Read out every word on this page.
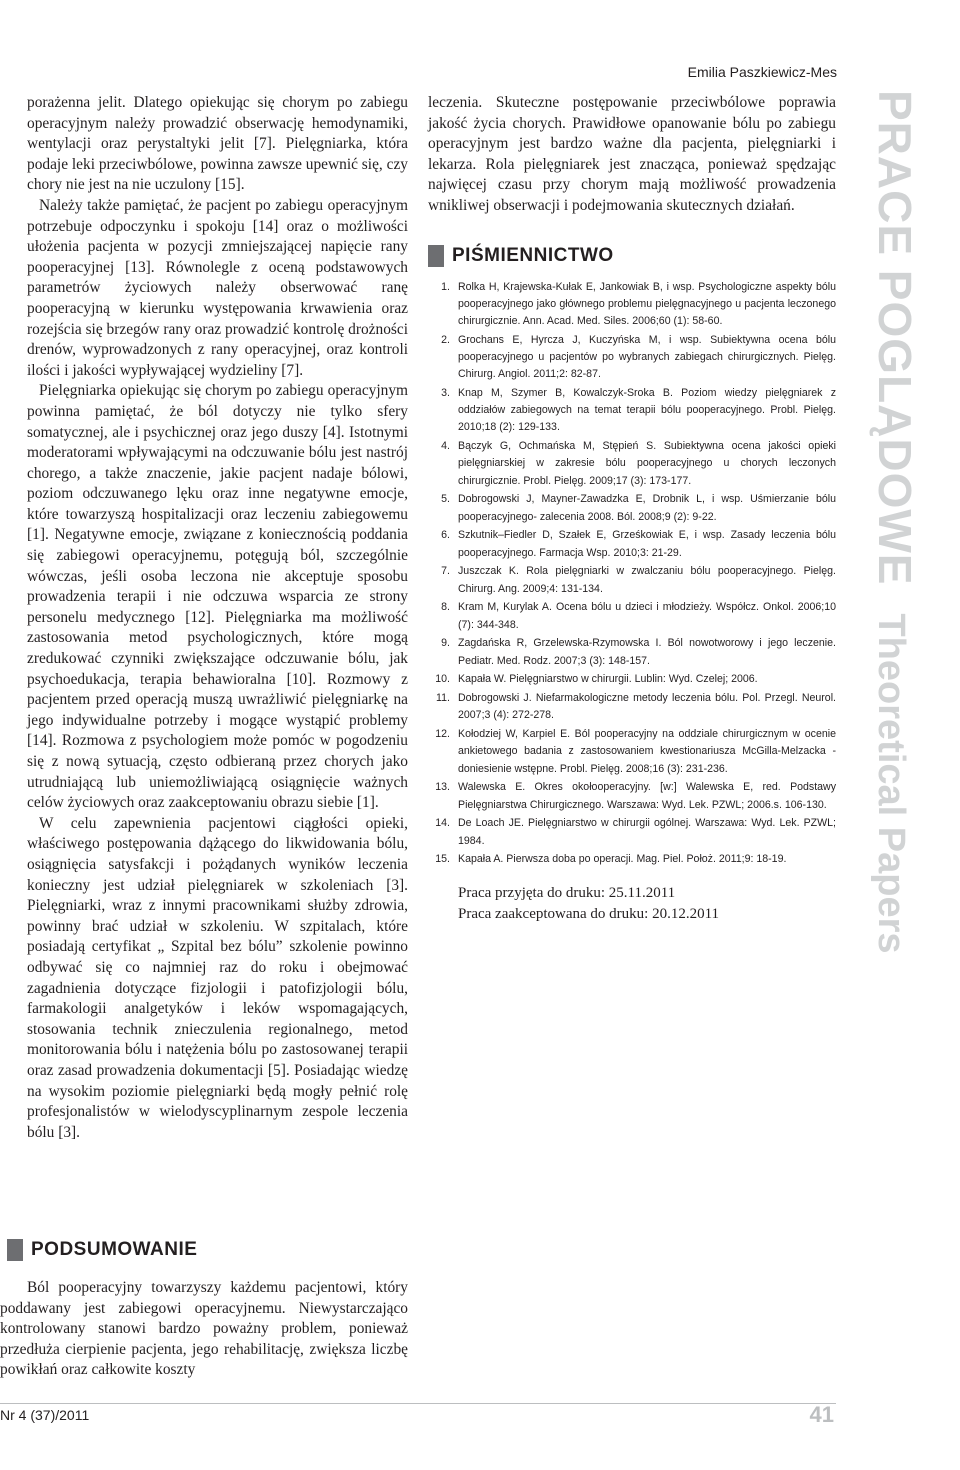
Emilia Paszkiewicz-Mes

porażenna jelit. Dlatego opiekując się chorym po zabiegu operacyjnym należy prowadzić obserwację hemodynamiki, wentylacji oraz perystaltyki jelit [7]. Pielęgniarka, która podaje leki przeciwbólowe, powinna zawsze upewnić się, czy chory nie jest na nie uczulony [15].

Należy także pamiętać, że pacjent po zabiegu operacyjnym potrzebuje odpoczynku i spokoju [14] oraz o możliwości ułożenia pacjenta w pozycji zmniejszającej napięcie rany pooperacyjnej [13]. Równolegle z oceną podstawowych parametrów życiowych należy obserwować ranę pooperacyjną w kierunku występowania krwawienia oraz rozejścia się brzegów rany oraz prowadzić kontrolę drożności drenów, wyprowadzonych z rany operacyjnej, oraz kontroli ilości i jakości wypływającej wydzieliny [7].

Pielęgniarka opiekując się chorym po zabiegu operacyjnym powinna pamiętać, że ból dotyczy nie tylko sfery somatycznej, ale i psychicznej oraz jego duszy [4]. Istotnymi moderatorami wpływającymi na odczuwanie bólu jest nastrój chorego, a także znaczenie, jakie pacjent nadaje bólowi, poziom odczuwanego lęku oraz inne negatywne emocje, które towarzyszą hospitalizacji oraz leczeniu zabiegowemu [1]. Negatywne emocje, związane z koniecznością poddania się zabiegowi operacyjnemu, potęgują ból, szczególnie wówczas, jeśli osoba leczona nie akceptuje sposobu prowadzenia terapii i nie odczuwa wsparcia ze strony personelu medycznego [12]. Pielęgniarka ma możliwość zastosowania metod psychologicznych, które mogą zredukować czynniki zwiększające odczuwanie bólu, jak psychoedukacja, terapia behawioralna [10]. Rozmowy z pacjentem przed operacją muszą uwrażliwić pielęgniarkę na jego indywidualne potrzeby i mogące wystąpić problemy [14]. Rozmowa z psychologiem może pomóc w pogodzeniu się z nową sytuacją, często odbieraną przez chorych jako utrudniającą lub uniemożliwiającą osiągnięcie ważnych celów życiowych oraz zaakceptowaniu obrazu siebie [1].

W celu zapewnienia pacjentowi ciągłości opieki, właściwego postępowania dążącego do likwidowania bólu, osiągnięcia satysfakcji i pożądanych wyników leczenia konieczny jest udział pielęgniarek w szkoleniach [3]. Pielęgniarki, wraz z innymi pracownikami służby zdrowia, powinny brać udział w szkoleniu. W szpitalach, które posiadają certyfikat „ Szpital bez bólu” szkolenie powinno odbywać się co najmniej raz do roku i obejmować zagadnienia dotyczące fizjologii i patofizjologii bólu, farmakologii analgetyków i leków wspomagających, stosowania technik znieczulenia regionalnego, metod monitorowania bólu i natężenia bólu po zastosowanej terapii oraz zasad prowadzenia dokumentacji [5]. Posiadając wiedzę na wysokim poziomie pielęgniarki będą mogły pełnić rolę profesjonalistów w wielodyscyplinarnym zespole leczenia bólu [3].

PODSUMOWANIE

Ból pooperacyjny towarzyszy każdemu pacjentowi, który poddawany jest zabiegowi operacyjnemu. Niewystarczająco kontrolowany stanowi bardzo poważny problem, ponieważ przedłuża cierpienie pacjenta, jego rehabilitację, zwiększa liczbę powikłań oraz całkowite koszty

leczenia. Skuteczne postępowanie przeciwbólowe poprawia jakość życia chorych. Prawidłowe opanowanie bólu po zabiegu operacyjnym jest bardzo ważne dla pacjenta, pielęgniarki i lekarza. Rola pielęgniarek jest znacząca, ponieważ spędzając najwięcej czasu przy chorym mają możliwość prowadzenia wnikliwej obserwacji i podejmowania skutecznych działań.

PIŚMIENNICTWO
1. Rolka H, Krajewska-Kułak E, Jankowiak B, i wsp. Psychologiczne aspekty bólu pooperacyjnego jako głównego problemu pielęgnacyjnego u pacjenta leczonego chirurgicznie. Ann. Acad. Med. Siles. 2006;60 (1): 58-60.
2. Grochans E, Hyrcza J, Kuczyńska M, i wsp. Subiektywna ocena bólu pooperacyjnego u pacjentów po wybranych zabiegach chirurgicznych. Pielęg. Chirurg. Angiol. 2011;2: 82-87.
3. Knap M, Szymer B, Kowalczyk-Sroka B. Poziom wiedzy pielęgniarek z oddziałów zabiegowych na temat terapii bólu pooperacyjnego. Probl. Pielęg. 2010;18 (2): 129-133.
4. Bączyk G, Ochmańska M, Stępień S. Subiektywna ocena jakości opieki pielęgniarskiej w zakresie bólu pooperacyjnego u chorych leczonych chirurgicznie. Probl. Pielęg. 2009;17 (3): 173-177.
5. Dobrogowski J, Mayner-Zawadzka E, Drobnik L, i wsp. Uśmierzanie bólu pooperacyjnego- zalecenia 2008. Ból. 2008;9 (2): 9-22.
6. Szkutnik–Fiedler D, Szałek E, Grześkowiak E, i wsp. Zasady leczenia bólu pooperacyjnego. Farmacja Wsp. 2010;3: 21-29.
7. Juszczak K. Rola pielęgniarki w zwalczaniu bólu pooperacyjnego. Pielęg. Chirurg. Ang. 2009;4: 131-134.
8. Kram M, Kurylak A. Ocena bólu u dzieci i młodzieży. Współcz. Onkol. 2006;10 (7): 344-348.
9. Zagdańska R, Grzelewska-Rzymowska I. Ból nowotworowy i jego leczenie. Pediatr. Med. Rodz. 2007;3 (3): 148-157.
10. Kapała W. Pielęgniarstwo w chirurgii. Lublin: Wyd. Czelej; 2006.
11. Dobrogowski J. Niefarmakologiczne metody leczenia bólu. Pol. Przegl. Neurol. 2007;3 (4): 272-278.
12. Kołodziej W, Karpiel E. Ból pooperacyjny na oddziale chirurgicznym w ocenie ankietowego badania z zastosowaniem kwestionariusza McGilla-Melzacka - doniesienie wstępne. Probl. Pielęg. 2008;16 (3): 231-236.
13. Walewska E. Okres okołooperacyjny. [w:] Walewska E, red. Podstawy Pielęgniarstwa Chirurgicznego. Warszawa: Wyd. Lek. PZWL; 2006.s. 106-130.
14. De Loach JE. Pielęgniarstwo w chirurgii ogólnej. Warszawa: Wyd. Lek. PZWL; 1984.
15. Kapała A. Pierwsza doba po operacji. Mag. Piel. Położ. 2011;9: 18-19.
Praca przyjęta do druku: 25.11.2011
Praca zaakceptowana do druku: 20.12.2011
Nr 4 (37)/2011	41
PRACE POGLĄDOWE
Theoretical Papers
